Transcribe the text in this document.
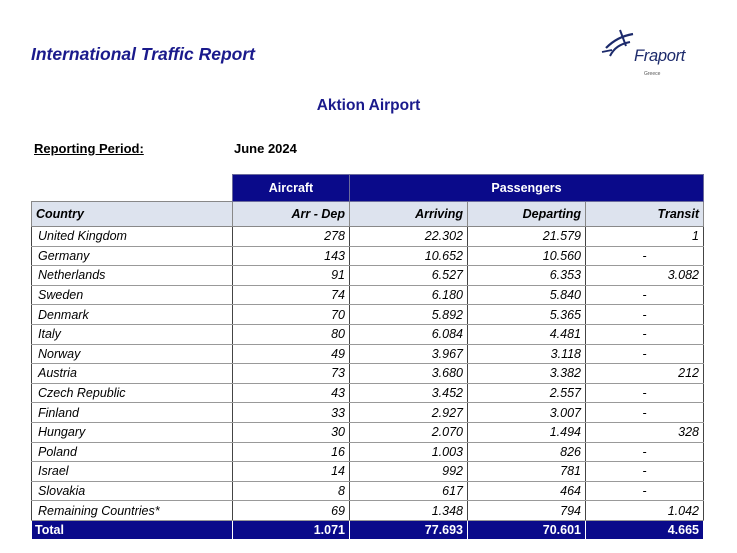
International Traffic Report	Fraport
Greece
Aktion Airport
Reporting Period:	June 2024
	Aircraft	Passengers		
Country	Arr - Dep	Arriving	Departing	Transit
United Kingdom	278	22.302	21.579	1
Germany	143	10.652	10.560	-
Netherlands	91	6.527	6.353	3.082
Sweden	74	6.180	5.840	-
Denmark	70	5.892	5.365	-
Italy	80	6.084	4.481	-
Norway	49	3.967	3.118	-
Austria	73	3.680	3.382	212
Czech Republic	43	3.452	2.557	-
Finland	33	2.927	3.007	-
Hungary	30	2.070	1.494	328
Poland	16	1.003	826	-
Israel	14	992	781	-
Slovakia	8	617	464	-
Remaining Countries*	69	1.348	794	1.042
Total	1.071	77.693	70.601	4.665
